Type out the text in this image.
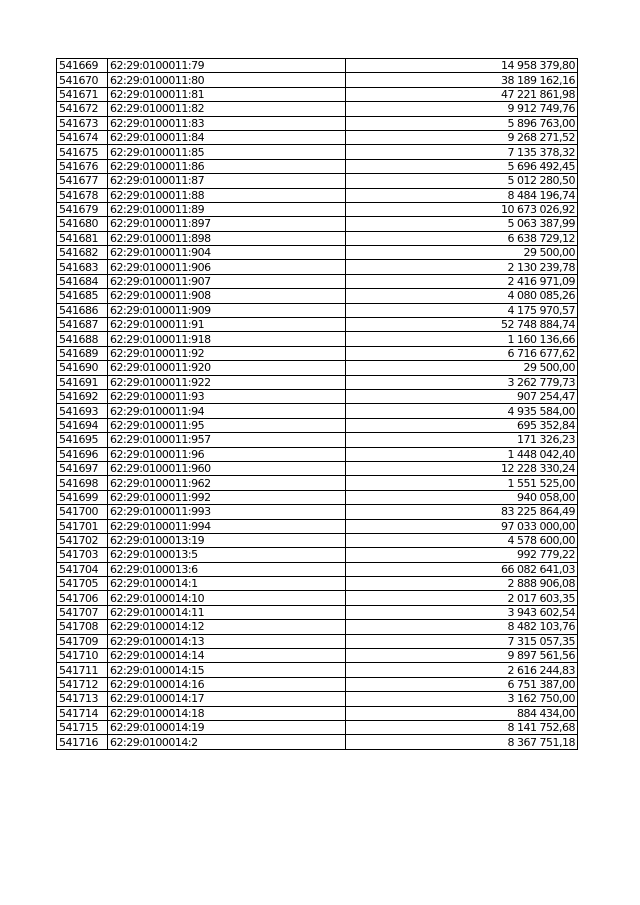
541669	62:29:0100011:79	14 958 379,80
541670	62:29:0100011:80	38 189 162,16
541671	62:29:0100011:81	47 221 861,98
541672	62:29:0100011:82	9 912 749,76
541673	62:29:0100011:83	5 896 763,00
541674	62:29:0100011:84	9 268 271,52
541675	62:29:0100011:85	7 135 378,32
541676	62:29:0100011:86	5 696 492,45
541677	62:29:0100011:87	5 012 280,50
541678	62:29:0100011:88	8 484 196,74
541679	62:29:0100011:89	10 673 026,92
541680	62:29:0100011:897	5 063 387,99
541681	62:29:0100011:898	6 638 729,12
541682	62:29:0100011:904	29 500,00
541683	62:29:0100011:906	2 130 239,78
541684	62:29:0100011:907	2 416 971,09
541685	62:29:0100011:908	4 080 085,26
541686	62:29:0100011:909	4 175 970,57
541687	62:29:0100011:91	52 748 884,74
541688	62:29:0100011:918	1 160 136,66
541689	62:29:0100011:92	6 716 677,62
541690	62:29:0100011:920	29 500,00
541691	62:29:0100011:922	3 262 779,73
541692	62:29:0100011:93	907 254,47
541693	62:29:0100011:94	4 935 584,00
541694	62:29:0100011:95	695 352,84
541695	62:29:0100011:957	171 326,23
541696	62:29:0100011:96	1 448 042,40
541697	62:29:0100011:960	12 228 330,24
541698	62:29:0100011:962	1 551 525,00
541699	62:29:0100011:992	940 058,00
541700	62:29:0100011:993	83 225 864,49
541701	62:29:0100011:994	97 033 000,00
541702	62:29:0100013:19	4 578 600,00
541703	62:29:0100013:5	992 779,22
541704	62:29:0100013:6	66 082 641,03
541705	62:29:0100014:1	2 888 906,08
541706	62:29:0100014:10	2 017 603,35
541707	62:29:0100014:11	3 943 602,54
541708	62:29:0100014:12	8 482 103,76
541709	62:29:0100014:13	7 315 057,35
541710	62:29:0100014:14	9 897 561,56
541711	62:29:0100014:15	2 616 244,83
541712	62:29:0100014:16	6 751 387,00
541713	62:29:0100014:17	3 162 750,00
541714	62:29:0100014:18	884 434,00
541715	62:29:0100014:19	8 141 752,68
541716	62:29:0100014:2	8 367 751,18
